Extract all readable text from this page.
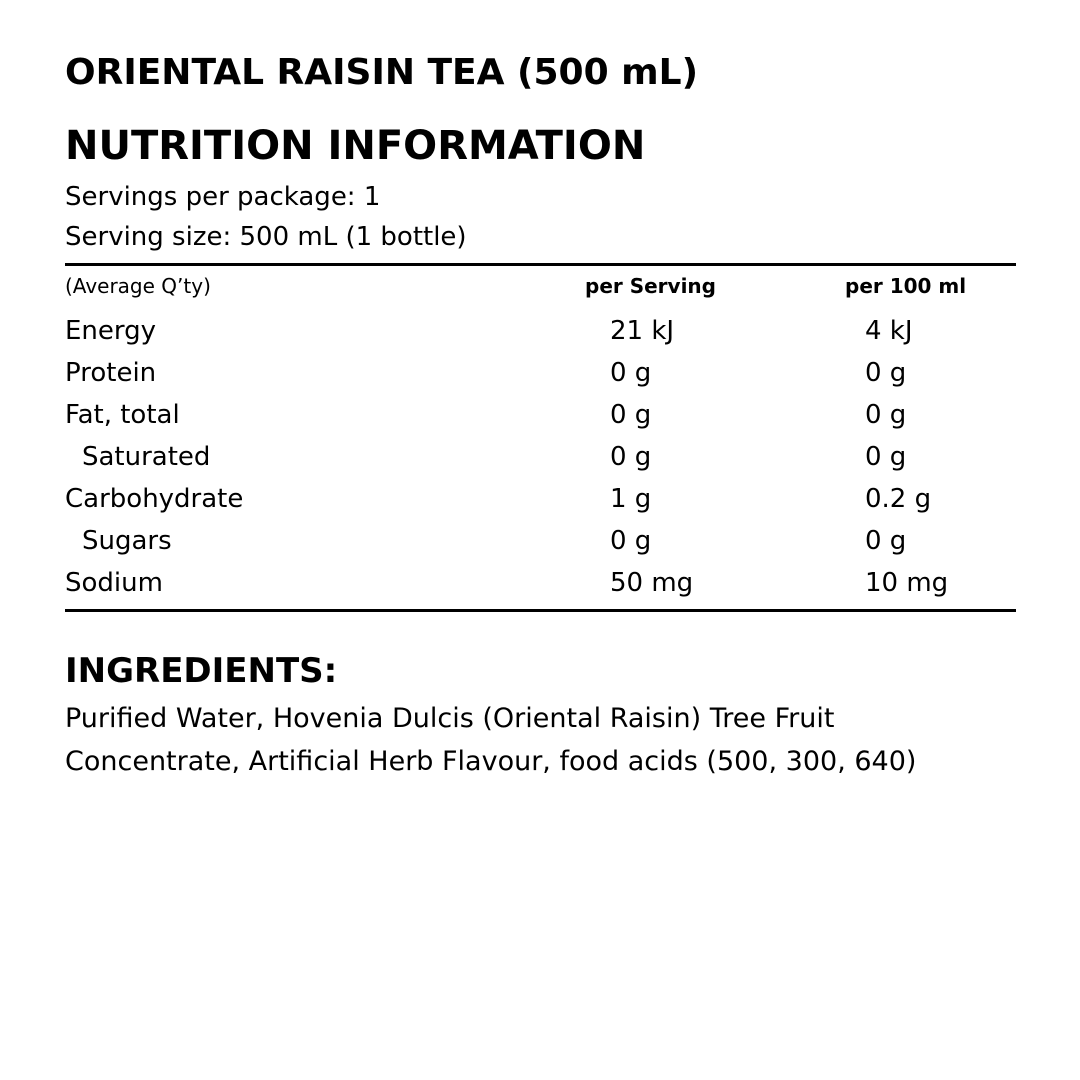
ORIENTAL RAISIN TEA (500 mL)
NUTRITION INFORMATION
Servings per package: 1
Serving size: 500 mL (1 bottle)
(Average Q’ty)	per Serving	per 100 ml
Energy	21 kJ	4 kJ
Protein	0 g	0 g
Fat, total	0 g	0 g
Saturated	0 g	0 g
Carbohydrate	1 g	0.2 g
Sugars	0 g	0 g
Sodium	50 mg	10 mg
INGREDIENTS:
Purified Water, Hovenia Dulcis (Oriental Raisin) Tree Fruit
Concentrate, Artificial Herb Flavour, food acids (500, 300, 640)
